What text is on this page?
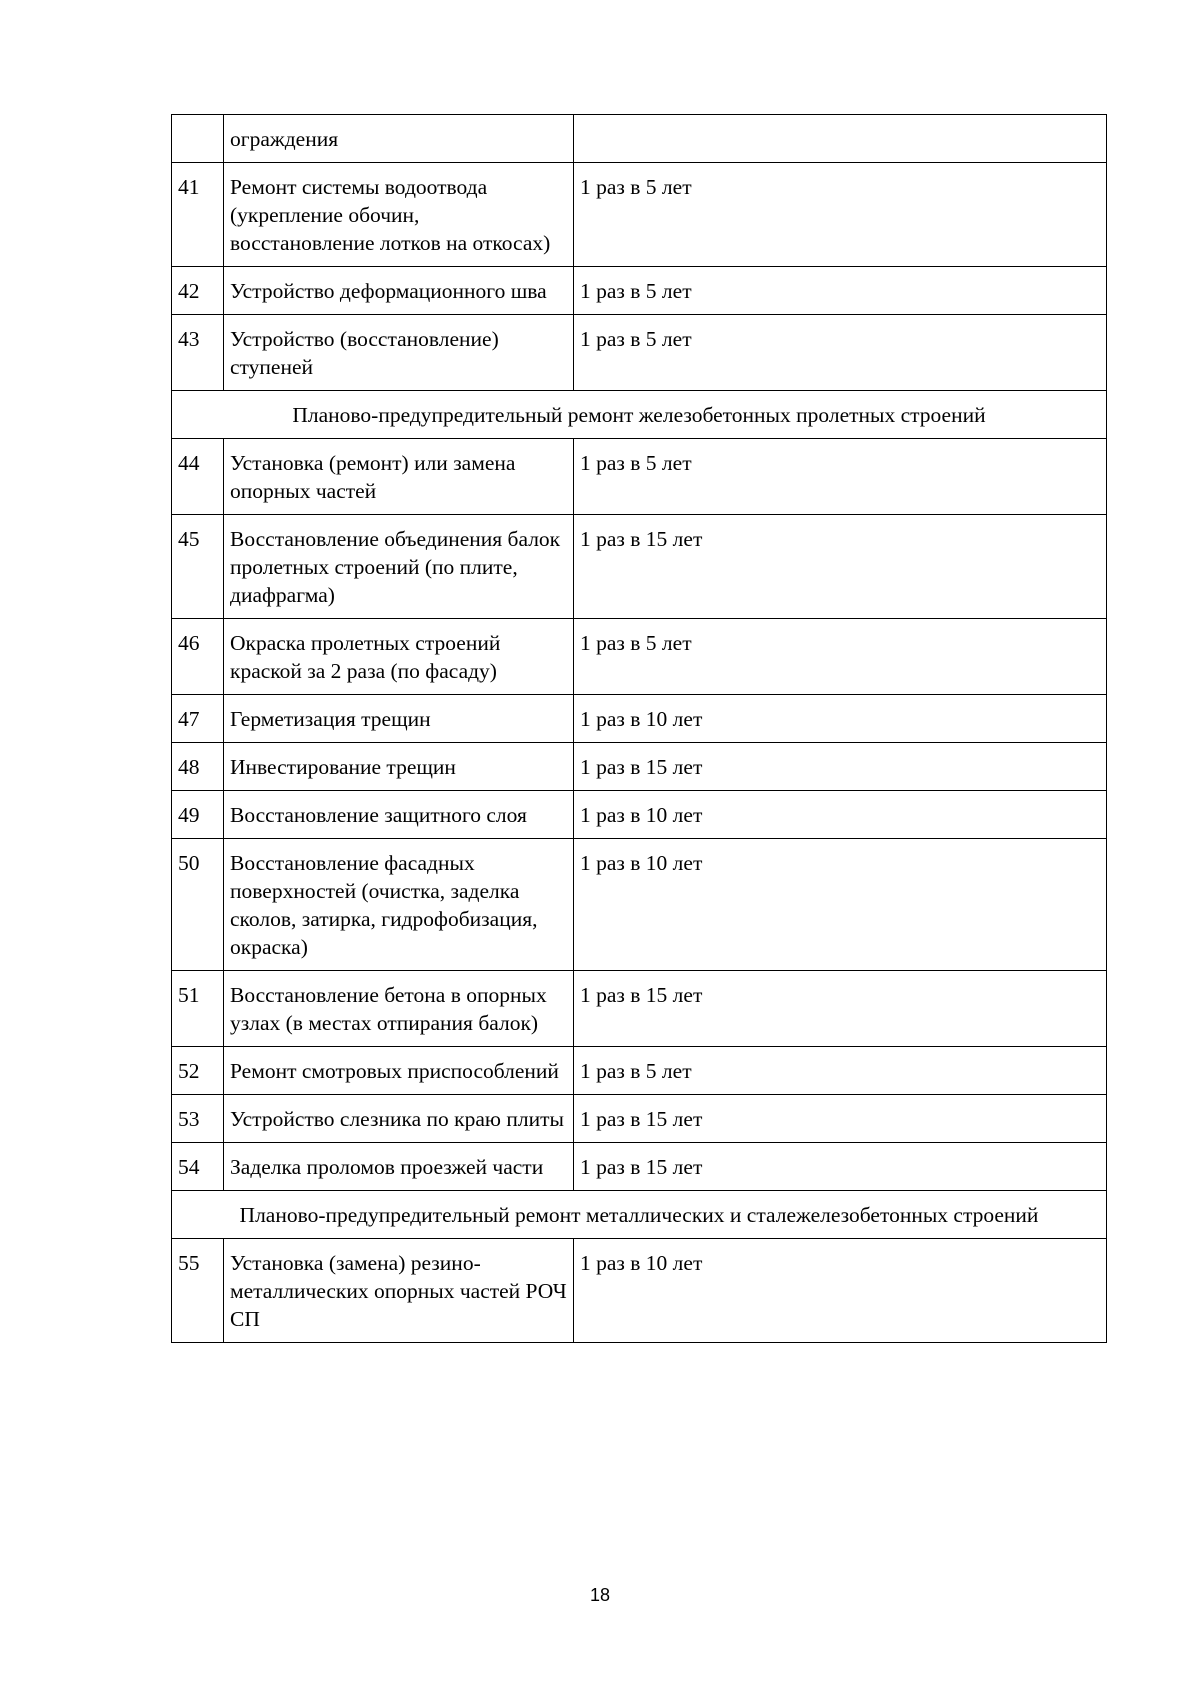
	ограждения	
41	Ремонт системы водоотвода (укрепление обочин, восстановление лотков на откосах)	1 раз в 5 лет
42	Устройство деформационного шва	1 раз в 5 лет
43	Устройство (восстановление) ступеней	1 раз в 5 лет
Планово-предупредительный ремонт железобетонных пролетных строений		
44	Установка (ремонт) или замена опорных частей	1 раз в 5 лет
45	Восстановление объединения балок пролетных строений (по плите, диафрагма)	1 раз в 15 лет
46	Окраска пролетных строений краской за 2 раза (по фасаду)	1 раз в 5 лет
47	Герметизация трещин	1 раз в 10 лет
48	Инвестирование трещин	1 раз в 15 лет
49	Восстановление защитного слоя	1 раз в 10 лет
50	Восстановление фасадных поверхностей (очистка, заделка сколов, затирка, гидрофобизация, окраска)	1 раз в 10 лет
51	Восстановление бетона в опорных узлах (в местах отпирания балок)	1 раз в 15 лет
52	Ремонт смотровых приспособлений	1 раз в 5 лет
53	Устройство слезника по краю плиты	1 раз в 15 лет
54	Заделка проломов проезжей части	1 раз в 15 лет
Планово-предупредительный ремонт металлических и сталежелезобетонных строений		
55	Установка (замена) резино-металлических опорных частей РОЧ СП	1 раз в 10 лет
18
